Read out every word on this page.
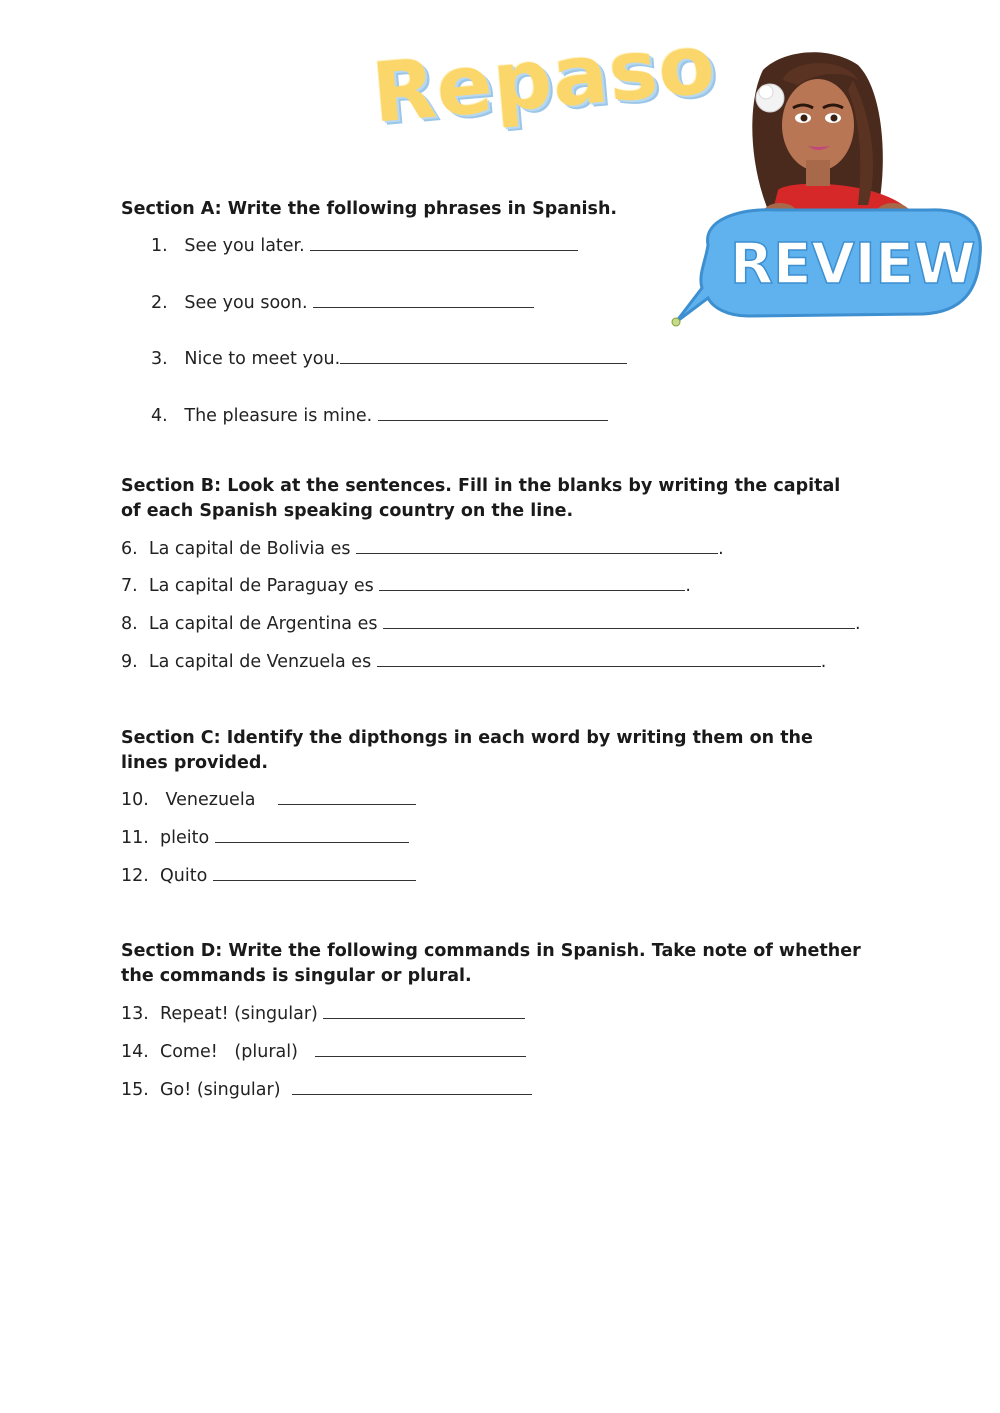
Repaso
REVIEW
Section A: Write the following phrases in Spanish.
1. See you later.
2. See you soon.
3. Nice to meet you.
4. The pleasure is mine.
Section B: Look at the sentences. Fill in the blanks by writing the capital of each Spanish speaking country on the line.
6. La capital de Bolivia es	.
7. La capital de Paraguay es	.
8. La capital de Argentina es	.
9. La capital de Venzuela es	.
Section C: Identify the dipthongs in each word by writing them on the lines provided.
10. Venezuela
11. pleito
12. Quito
Section D: Write the following commands in Spanish. Take note of whether the commands is singular or plural.
13. Repeat! (singular)
14. Come!   (plural)
15. Go! (singular)
